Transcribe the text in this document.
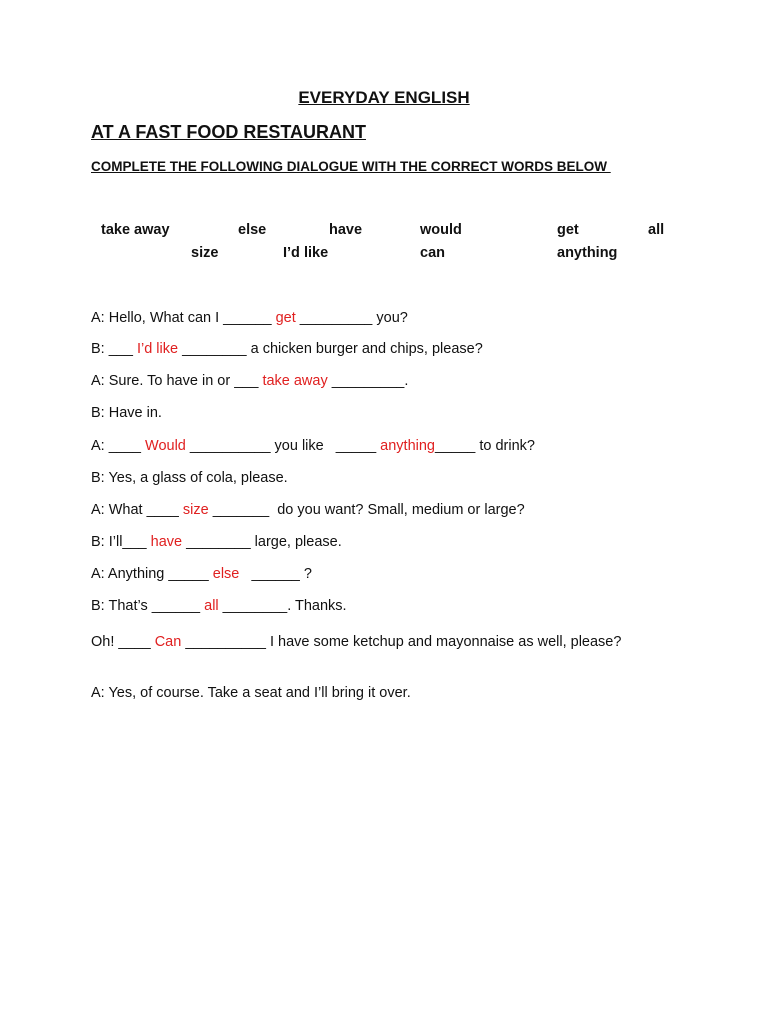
EVERYDAY ENGLISH
AT A FAST FOOD RESTAURANT
COMPLETE THE FOLLOWING DIALOGUE WITH THE CORRECT WORDS BELOW
take away	else	have	would	get	all
size	I’d like	can	anything
A: Hello, What can I ______ get _________ you?
B: ___ I’d like ________ a chicken burger and chips, please?
A: Sure. To have in or ___ take away _________.
B: Have in.
A: ____ Would __________ you like   _____ anything_____ to drink?
B: Yes, a glass of cola, please.
A: What ____ size _______  do you want? Small, medium or large?
B: I’ll___ have ________ large, please.
A: Anything _____ else   ______ ?
B: That’s ______ all ________. Thanks.
Oh! ____ Can __________ I have some ketchup and mayonnaise as well, please?
A: Yes, of course. Take a seat and I’ll bring it over.
